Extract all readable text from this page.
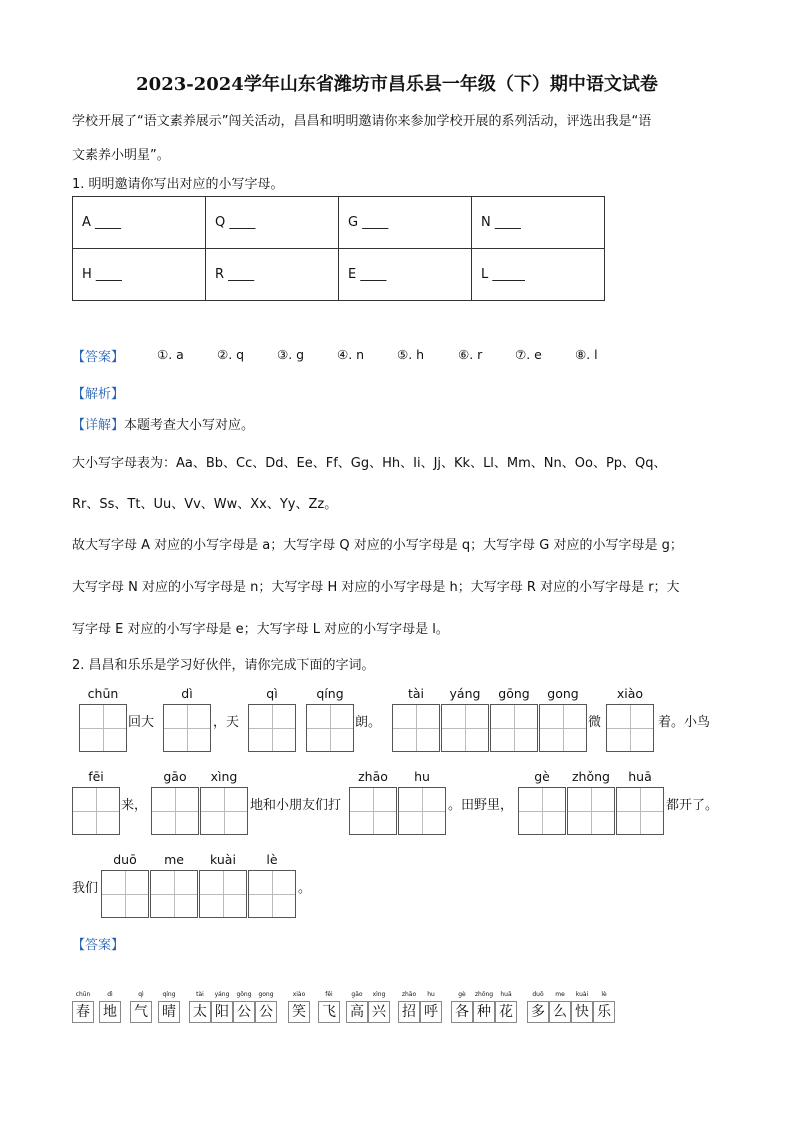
2023-2024学年山东省潍坊市昌乐县一年级（下）期中语文试卷
学校开展了“语文素养展示”闯关活动，昌昌和明明邀请你来参加学校开展的系列活动，评选出我是“语
文素养小明星”。
1. 明明邀请你写出对应的小写字母。
A ____	Q ____	G ____	N ____
H ____	R ____	E ____	L _____
【答案】	①. a	②. q	③. g	④. n	⑤. h	⑥. r	⑦. e	⑧. l
【解析】
【详解】本题考查大小写对应。
大小写字母表为：Aa、Bb、Cc、Dd、Ee、Ff、Gg、Hh、Ii、Jj、Kk、Ll、Mm、Nn、Oo、Pp、Qq、
Rr、Ss、Tt、Uu、Vv、Ww、Xx、Yy、Zz。
故大写字母 A 对应的小写字母是 a；大写字母 Q 对应的小写字母是 q；大写字母 G 对应的小写字母是 g；
大写字母 N 对应的小写字母是 n；大写字母 H 对应的小写字母是 h；大写字母 R 对应的小写字母是 r；大
写字母 E 对应的小写字母是 e；大写字母 L 对应的小写字母是 l。
2. 昌昌和乐乐是学习好伙伴，请你完成下面的字词。
chūn
回大
dì
，天
qì	qíng
朗。
tài	yáng	gōng	gong
微
xiào
着。小鸟
fēi
来，
gāo	xìng
地和小朋友们打
zhāo	hu
。田野里，
gè	zhǒng	huā
都开了。
我们
duō	me	kuài	lè
。
【答案】
chūn
春
dì
地
qì
气
qíng
晴
tài
太
yáng
阳
gōng
公
gong
公
xiào
笑
fēi
飞
gāo
高
xìng
兴
zhāo
招
hu
呼
gè
各
zhǒng
种
huā
花
duō
多
me
么
kuài
快
lè
乐
